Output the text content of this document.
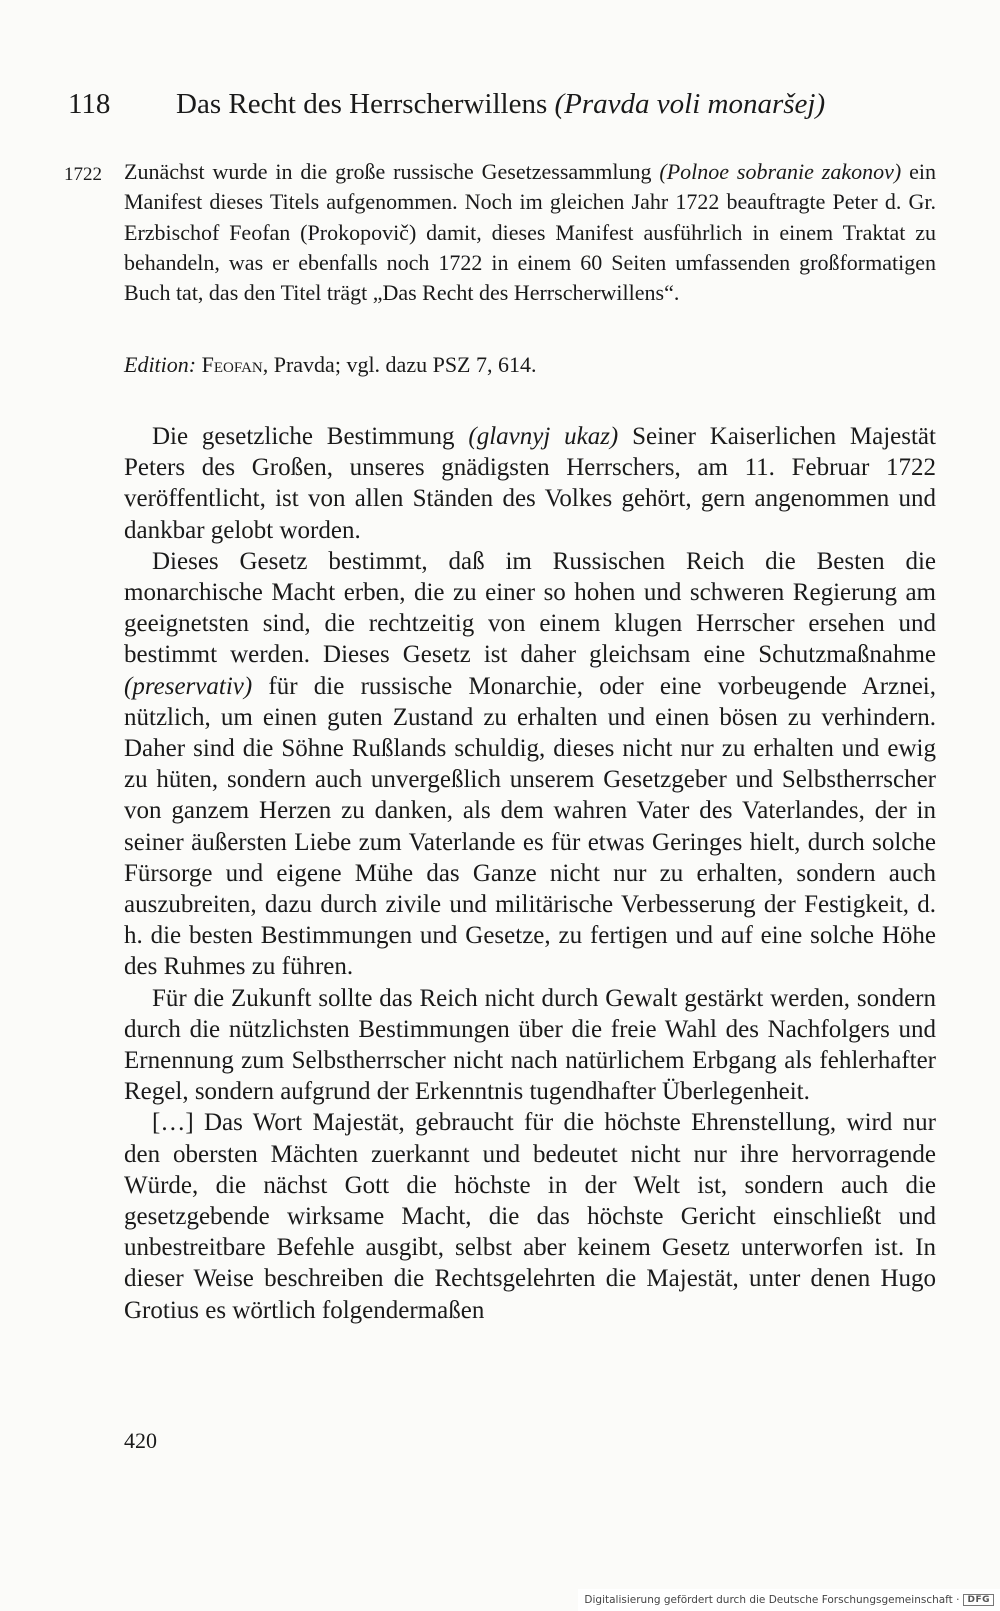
118 Das Recht des Herrscherwillens (Pravda voli monaršej)
1722 Zunächst wurde in die große russische Gesetzessammlung (Polnoe sobranie zakonov) ein Manifest dieses Titels aufgenommen. Noch im gleichen Jahr 1722 beauftragte Peter d. Gr. Erzbischof Feofan (Prokopovič) damit, dieses Manifest ausführlich in einem Traktat zu behandeln, was er ebenfalls noch 1722 in einem 60 Seiten umfassenden großformatigen Buch tat, das den Titel trägt „Das Recht des Herrscherwillens“.
Edition: Feofan, Pravda; vgl. dazu PSZ 7, 614.

Die gesetzliche Bestimmung (glavnyj ukaz) Seiner Kaiserlichen Majestät Peters des Großen, unseres gnädigsten Herrschers, am 11. Februar 1722 veröffentlicht, ist von allen Ständen des Volkes gehört, gern angenommen und dankbar gelobt worden.

Dieses Gesetz bestimmt, daß im Russischen Reich die Besten die monarchische Macht erben, die zu einer so hohen und schweren Regierung am geeignetsten sind, die rechtzeitig von einem klugen Herrscher ersehen und bestimmt werden. Dieses Gesetz ist daher gleichsam eine Schutzmaßnahme (preservativ) für die russische Monarchie, oder eine vorbeugende Arznei, nützlich, um einen guten Zustand zu erhalten und einen bösen zu verhindern. Daher sind die Söhne Rußlands schuldig, dieses nicht nur zu erhalten und ewig zu hüten, sondern auch unvergeßlich unserem Gesetzgeber und Selbstherrscher von ganzem Herzen zu danken, als dem wahren Vater des Vaterlandes, der in seiner äußersten Liebe zum Vaterlande es für etwas Geringes hielt, durch solche Fürsorge und eigene Mühe das Ganze nicht nur zu erhalten, sondern auch auszubreiten, dazu durch zivile und militärische Verbesserung der Festigkeit, d. h. die besten Bestimmungen und Gesetze, zu fertigen und auf eine solche Höhe des Ruhmes zu führen.

Für die Zukunft sollte das Reich nicht durch Gewalt gestärkt werden, sondern durch die nützlichsten Bestimmungen über die freie Wahl des Nachfolgers und Ernennung zum Selbstherrscher nicht nach natürlichem Erbgang als fehlerhafter Regel, sondern aufgrund der Erkenntnis tugendhafter Überlegenheit.

[…] Das Wort Majestät, gebraucht für die höchste Ehrenstellung, wird nur den obersten Mächten zuerkannt und bedeutet nicht nur ihre hervorragende Würde, die nächst Gott die höchste in der Welt ist, sondern auch die gesetzgebende wirksame Macht, die das höchste Gericht einschließt und unbestreitbare Befehle ausgibt, selbst aber keinem Gesetz unterworfen ist. In dieser Weise beschreiben die Rechtsgelehrten die Majestät, unter denen Hugo Grotius es wörtlich folgendermaßen

420
Digitalisierung gefördert durch die Deutsche Forschungsgemeinschaft · DFG
